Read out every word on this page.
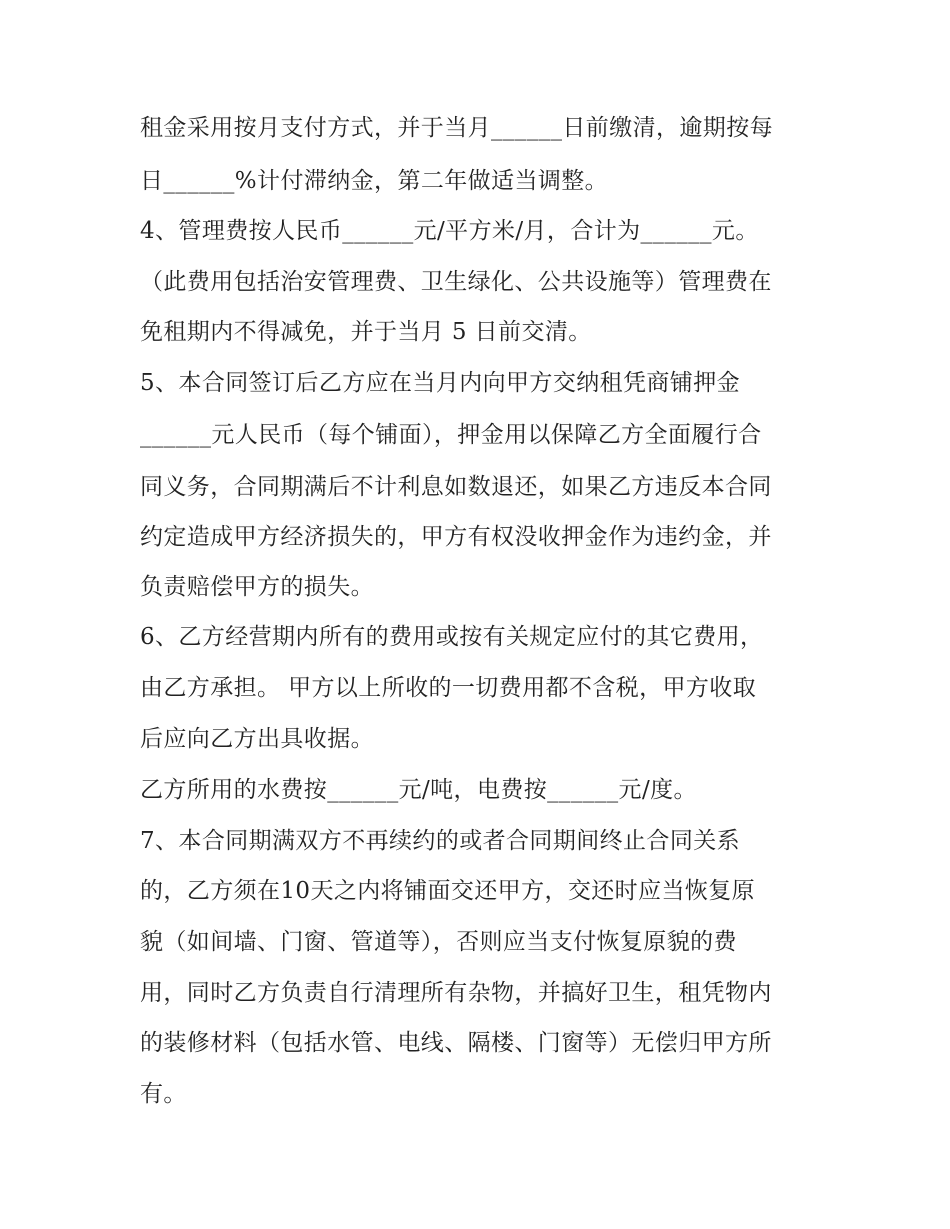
租金采用按月支付方式，并于当月______日前缴清，逾期按每
日______%计付滞纳金，第二年做适当调整。
4、管理费按人民币______元/平方米/月，合计为______元。
（此费用包括治安管理费、卫生绿化、公共设施等）管理费在
免租期内不得减免，并于当月 5 日前交清。
5、本合同签订后乙方应在当月内向甲方交纳租凭商铺押金
______元人民币（每个铺面），押金用以保障乙方全面履行合
同义务，合同期满后不计利息如数退还，如果乙方违反本合同
约定造成甲方经济损失的，甲方有权没收押金作为违约金，并
负责赔偿甲方的损失。
6、乙方经营期内所有的费用或按有关规定应付的其它费用，
由乙方承担。 甲方以上所收的一切费用都不含税，甲方收取
后应向乙方出具收据。
乙方所用的水费按______元/吨，电费按______元/度。
7、本合同期满双方不再续约的或者合同期间终止合同关系
的，乙方须在10天之内将铺面交还甲方，交还时应当恢复原
貌（如间墙、门窗、管道等），否则应当支付恢复原貌的费
用，同时乙方负责自行清理所有杂物，并搞好卫生，租凭物内
的装修材料（包括水管、电线、隔楼、门窗等）无偿归甲方所
有。
